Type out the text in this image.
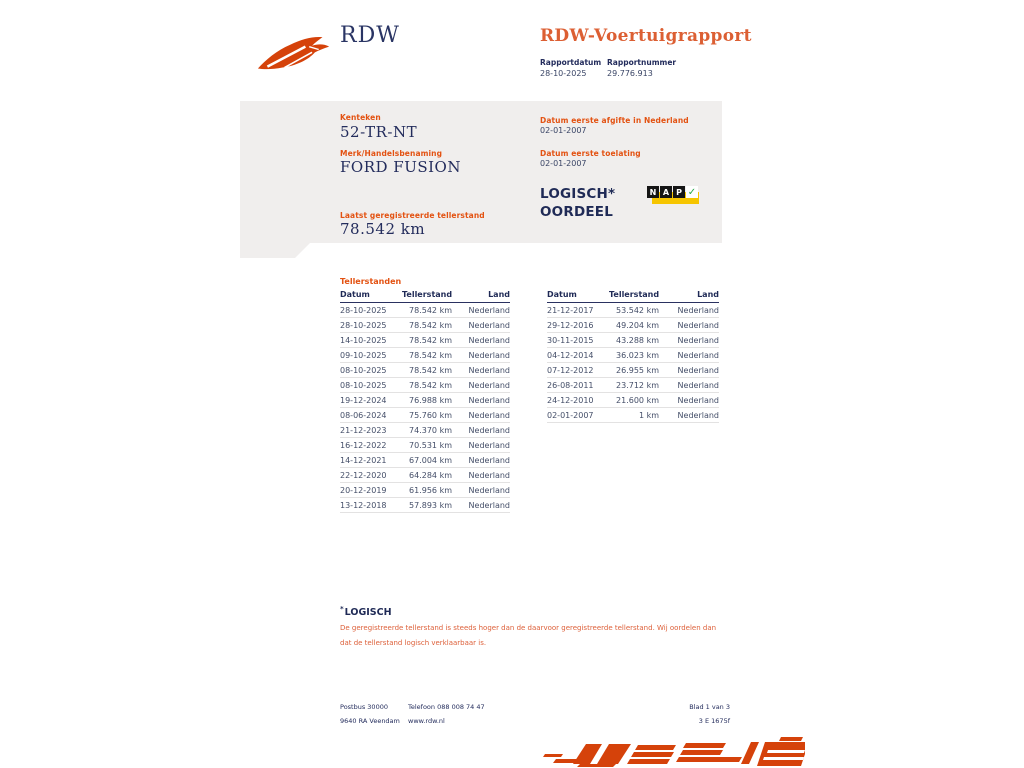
RDW	RDW-Voertuigrapport
Rapportdatum
28-10-2025
Rapportnummer
29.776.913
Kenteken
52-TR-NT
Merk/Handelsbenaming
FORD FUSION
Laatst geregistreerde tellerstand
78.542 km
Datum eerste afgifte in Nederland
02-01-2007
Datum eerste toelating
02-01-2007
LOGISCH*
OORDEEL
N A P ✓
Tellerstanden
Datum	Tellerstand	Land
28-10-2025	78.542 km	Nederland
28-10-2025	78.542 km	Nederland
14-10-2025	78.542 km	Nederland
09-10-2025	78.542 km	Nederland
08-10-2025	78.542 km	Nederland
08-10-2025	78.542 km	Nederland
19-12-2024	76.988 km	Nederland
08-06-2024	75.760 km	Nederland
21-12-2023	74.370 km	Nederland
16-12-2022	70.531 km	Nederland
14-12-2021	67.004 km	Nederland
22-12-2020	64.284 km	Nederland
20-12-2019	61.956 km	Nederland
13-12-2018	57.893 km	Nederland
Datum	Tellerstand	Land
21-12-2017	53.542 km	Nederland
29-12-2016	49.204 km	Nederland
30-11-2015	43.288 km	Nederland
04-12-2014	36.023 km	Nederland
07-12-2012	26.955 km	Nederland
26-08-2011	23.712 km	Nederland
24-12-2010	21.600 km	Nederland
02-01-2007	1 km	Nederland
*LOGISCH
De geregistreerde tellerstand is steeds hoger dan de daarvoor geregistreerde tellerstand. Wij oordelen dan
dat de tellerstand logisch verklaarbaar is.
Postbus 30000
9640 RA Veendam
Telefoon 088 008 74 47
www.rdw.nl
Blad 1 van 3
3 E 1675f
